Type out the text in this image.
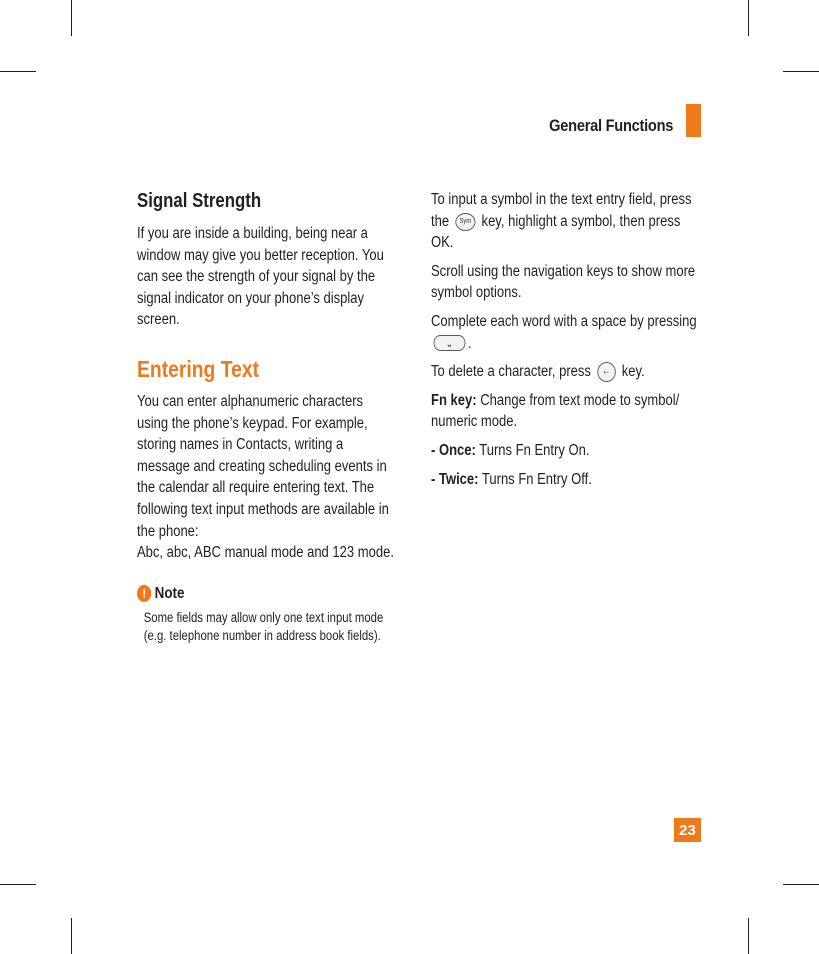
General Functions
Signal Strength

If you are inside a building, being near a window may give you better reception. You can see the strength of your signal by the signal indicator on your phone’s display screen.

Entering Text

You can enter alphanumeric characters using the phone’s keypad. For example, storing names in Contacts, writing a message and creating scheduling events in the calendar all require entering text. The following text input methods are available in the phone:

Abc, abc, ABC manual mode and 123 mode.

! Note

Some fields may allow only one text input mode (e.g. telephone number in address book fields).

To input a symbol in the text entry field, press the Sym key, highlight a symbol, then press OK.

Scroll using the navigation keys to show more symbol options.

Complete each word with a space by pressing
⎵ .

To delete a character, press ← key.

Fn key: Change from text mode to symbol/ numeric mode.

- Once: Turns Fn Entry On.

- Twice: Turns Fn Entry Off.

23
